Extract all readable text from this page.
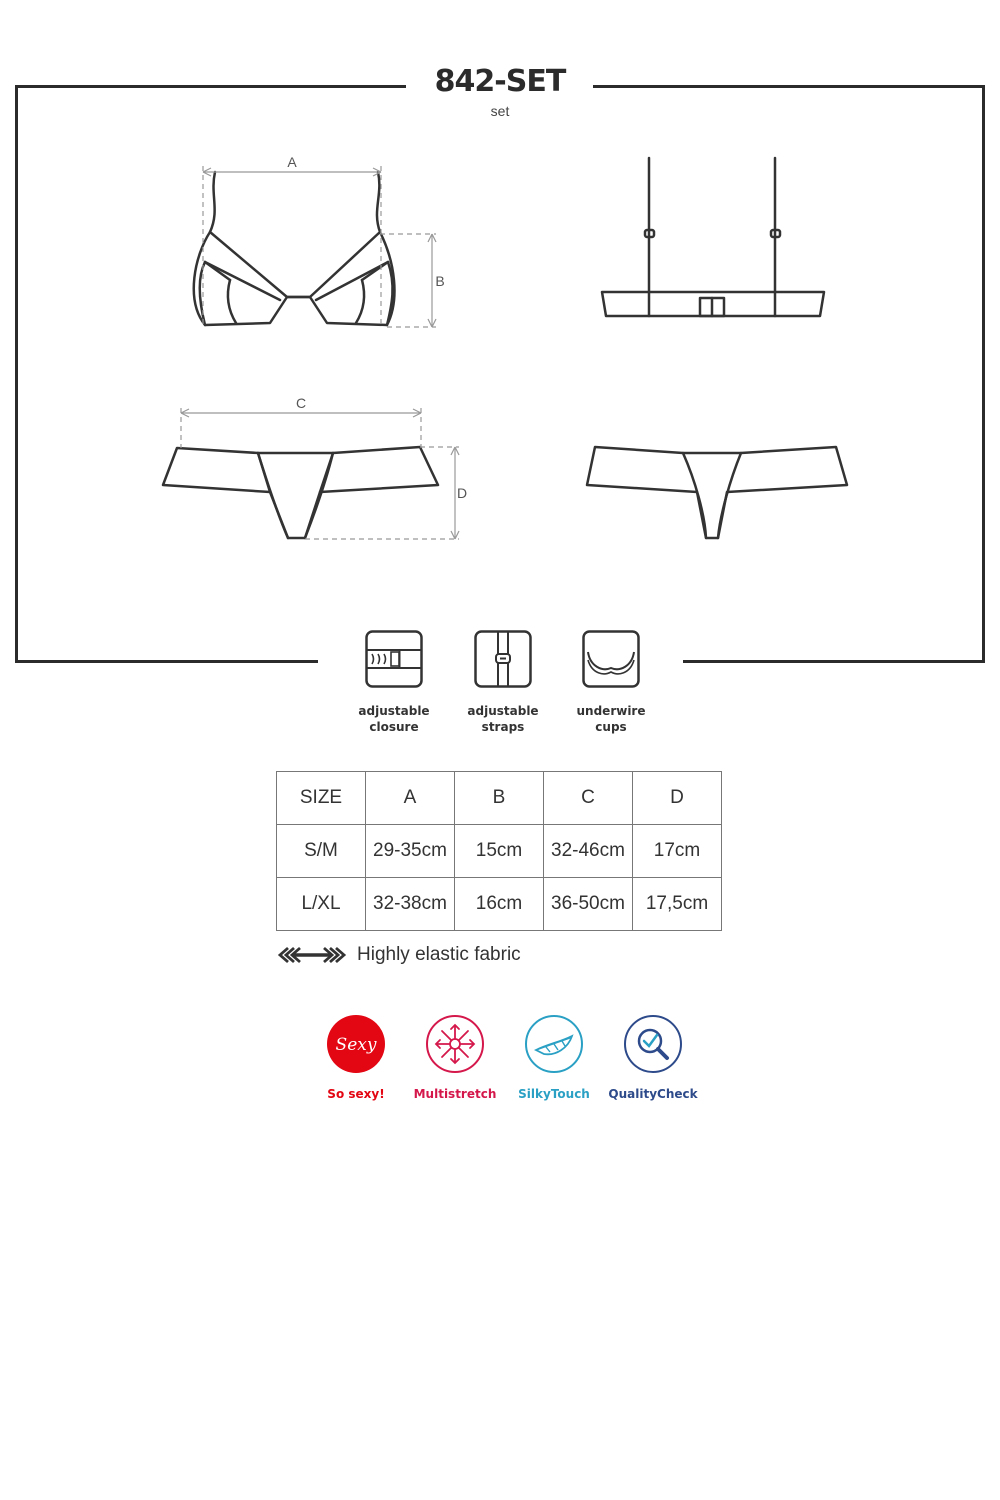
842-SET
set
A
B
C
D
adjustable
closure
adjustable
straps
underwire
cups
SIZE	A	B	C	D
S/M	29-35cm	15cm	32-46cm	17cm
L/XL	32-38cm	16cm	36-50cm	17,5cm
Highly elastic fabric
Sexy
So sexy!	Multistretch	SilkyTouch	QualityCheck
